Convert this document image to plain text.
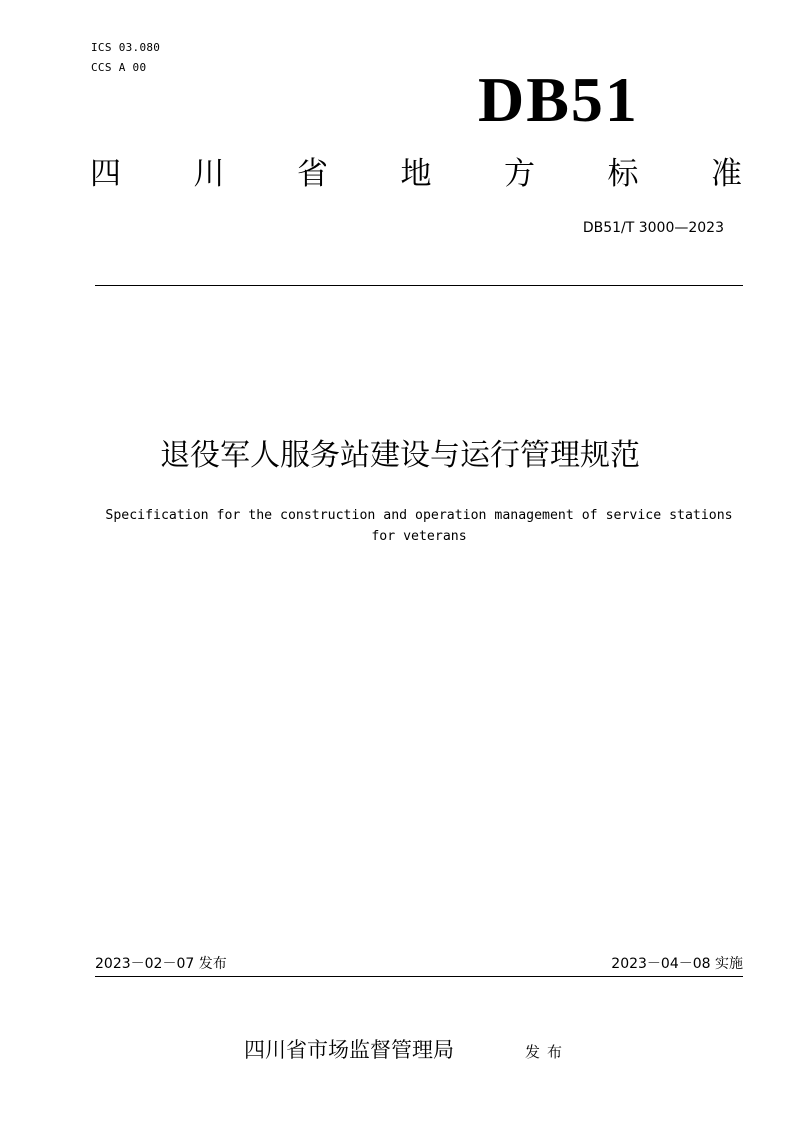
ICS 03.080
CCS A 00	DB51
四 川 省 地 方 标 准
DB51/T 3000—2023
退役军人服务站建设与运行管理规范
Specification for the construction and operation management of service stations for veterans
2023－02－07 发布	2023－04－08 实施
四川省市场监督管理局	发布
